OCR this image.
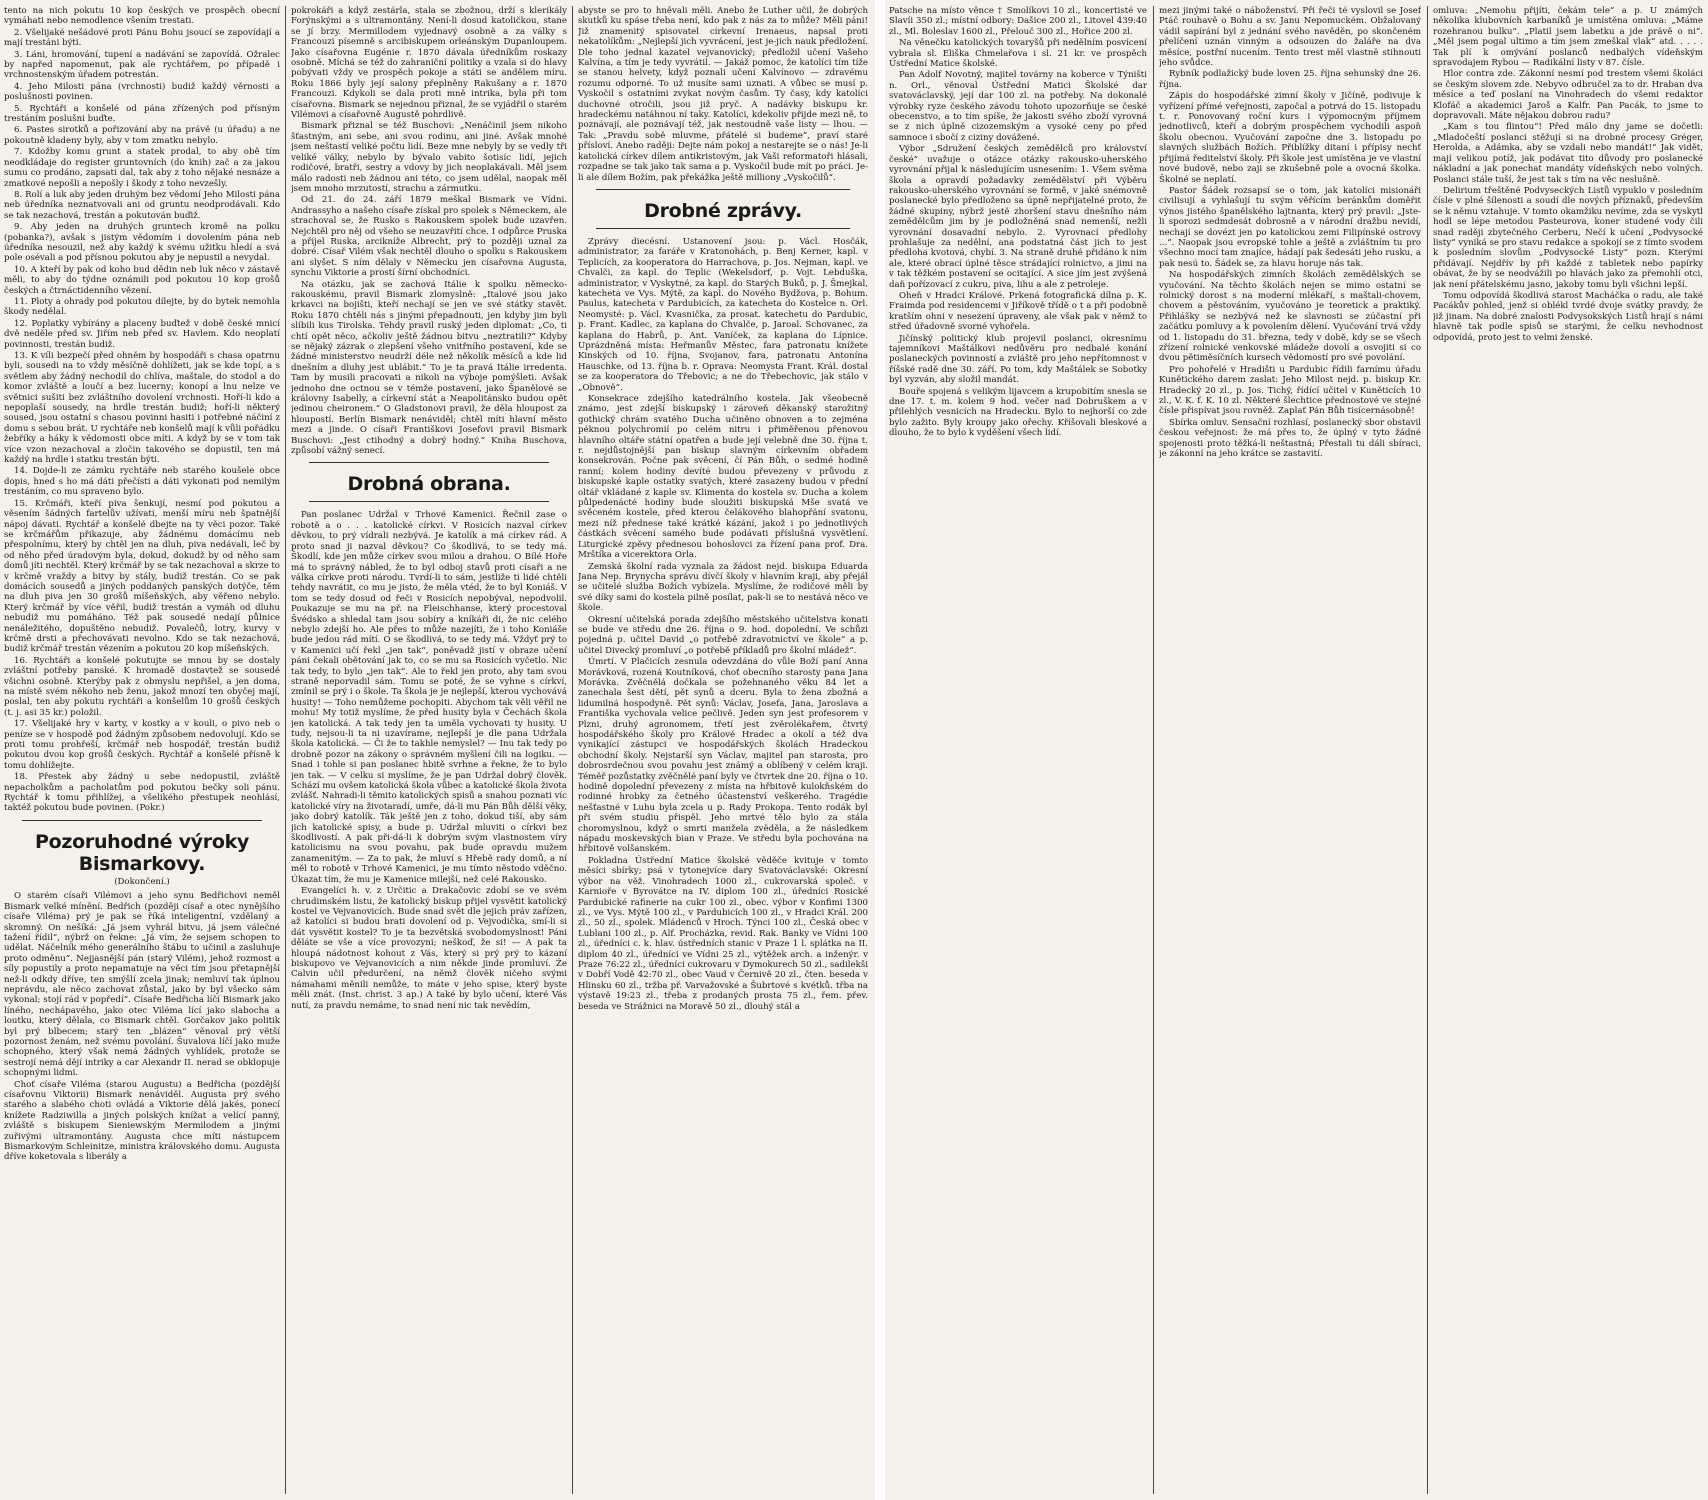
tento na nich pokutu 10 kop českých ve prospěch obecní vymáhati nebo nemodlence všením trestati.

2. Všelijaké nešádové proti Pánu Bohu jsoucí se zapovídají a mají trestáni býti.

3. Láni, hromování, tupení a nadávání se zapovídá. Ožralec by napřed napomenut, pak ale rychtářem, po případě i vrchnostenským úřadem potrestán.

4. Jeho Milosti pána (vrchnosti) budiž každý věrnosti a poslušnosti povinen.

5. Rychtáři a konšelé od pána zřízených pod přísným trestáním poslušni buďte.

6. Pastes sirotků a pořizování aby na právě (u úřadu) a ne pokoutně kladeny byly, aby v tom zmatku nebylo.

7. Kdožby komu grunt a statek prodal, to aby obě tím neodkládaje do register gruntovních (do knih) zač a za jakou sumu co prodáno, zapsati dal, tak aby z toho nějaké nesnáze a zmatkové nepošli a nepošly i škody z toho nevzešly.

8. Rolí a luk aby jeden druhým bez vědomí Jeho Milosti pána neb úředníka neznatvovali ani od gruntu neodprodávali. Kdo se tak nezachová, trestán a pokutován buďiž.

9. Aby jeden na druhých gruntech kromě na polku (pobanka?), avšak s jistým vědomím i dovolením pána neb úředníka nesouzil, než aby každý k svému užitku hledí a svá pole osévali a pod přísnou pokutou aby je nepustil a nevydal.

10. A kteří by pak od koho bud dědin neb luk něco v zástavě měli, to aby do týdne oznámili pod pokutou 10 kop grošů českých a čtrnáctidenního vězení.

11. Ploty a ohrady pod pokutou dílejte, by do bytek nemohla škody nedělal.

12. Poplatky vybírány a placeny buďtež v době české mnicí dvě neděle před sv. Jiřím neb před sv. Havlem. Kdo neoplatí povinnosti, trestán budiž.

13. K víli bezpečí před ohněm by hospodáři s chasa opatrnu byli, sousedi na to vždy měsíčně dohlížeti, jak se kde topí, a s světlem aby žádný nechodil do chlíva, maštale, do stodol a do komor zvláště a loučí a bez lucerny; konopí a lnu nelze ve světnici sušiti bez zvláštního dovolení vrchnosti. Hoří-li kdo a nepoplaší sousedy, na hrdle trestán budiž; hoří-li některý soused, jsou ostatní s chasou povinni hasiti i potřebné náčiní z domu s sebou brát. U rychtáře neb konšelů mají k vůli pořádku žebříky a háky k vědomosti obce míti. A když by se v tom tak více vzon nezachoval a zločin takového se dopustil, ten má každý na hrdle i statku trestán býti.

14. Dojde-li ze zámku rychtáře neb starého koušele obce dopis, hned s ho má dáti přečísti a dáti vykonati pod nemilým trestáním, co mu spraveno bylo.

15. Krčmáři, kteří piva šenkují, nesmí pod pokutou a věsením šádných fartelův užívati, menší míru neb špatnější nápoj dávati. Rychtář a konšelé dbejte na ty věci pozor. Také se krčmářům přikazuje, aby žádnému domácímu neb přespolnímu, který by chtěl jen na dluh, piva nedávali, leč by od něho před úradovým byla, dokud, dokudž by od něho sam domů jíti nechtěl. Který krčmář by se tak nezachoval a skrze to v krčmě vraždy a bitvy by stály, budiž trestán. Co se pak domácích sousedů a jiných poddaných panských dotýče, těm na dluh piva jen 30 grošů míšeňských, aby věřeno nebylo. Který krčmář by více věřil, budiž trestán a vymáh od dluhu nebudiž mu pomáháno. Též pak sousedé nedají půlnice nenáležitého, dopuštěno nebudiž. Povalečů, lotry, kurvy v krčmě drsti a přechovávati nevolno. Kdo se tak nezachová, budiž krčmář trestán vězením a pokutou 20 kop míšeňských.

16. Rychtáři a konšelé pokutujte se mnou by se dostaly zvláštní potřeby panské. K hromadě dostavtež se sousedé všichni osobně. Kterýby pak z obmyslu nepřišel, a jen doma, na místě svém někoho neb ženu, jakož mnozí ten obyčej mají, poslal, ten aby pokutu rychtáři a konšelům 10 grošů českých (t. j. asi 35 kr.) položil.

17. Všelijaké hry v karty, v kostky a v kouli, o pivo neb o peníze se v hospodě pod žádným způsobem nedovolují. Kdo se proti tomu prohřeší, krčmář neb hospodář, trestán budiž pokutou dvou kop grošů českých. Rychtář a konšelé přísně k tomu dohlížejte.

18. Přestek aby žádný u sebe nedopustil, zvláště nepacholkům a pacholatům pod pokutou bečky soli pánu. Rychtář k tomu přihlížej, a všelikého přestupek neohlásí, taktéž pokutou bude povinen. (Pokr.)

Pozoruhodné výroky Bismarkovy.
(Dokončení.)

O starém císaři Vilémovi a jeho synu Bedřichovi neměl Bismark velké mínění. Bedřich (později císař a otec nynějšího císaře Viléma) prý je pak se říká inteligentní, vzdělaný a skromný. On nešíká: „Já jsem vyhrál bitvu, já jsem válečné tažení řídil“, nýbrž on řekne: „Já vím, že sejsem schopen to udělat. Náčelník mého generálního štábu to učinil a zasluhuje proto odměnu“. Nejjasnější pán (starý Vilém), jehož rozmost a síly popustily a proto nepamatuje na věci tím jsou přetapnější než-li odkdy dříve, ten smýšlí zcela jinak; nemluví tak úplnou neprávdu, ale něco zachovat zůstal, jako by byl všecko sám vykonal; stojí rád v popředí“. Císaře Bedřicha líčí Bismark jako líného, nechápavého, jako otec Viléma lící jako slabocha a loutku, který dělala, co Bismark chtěl. Gorčakov jako politik byl prý blbecem; starý ten „blázen“ věnoval prý větší pozornost ženám, než svému povolání. Šuvalova líčí jako muže schopného, který však nemá žádných vyhlídek, protože se sestrojí nemá dějí intriky a car Alexandr II. nerad se obklopuje schopnými lidmi.

Choť císaře Viléma (starou Augustu) a Bedřicha (pozdější císařovnu Viktorii) Bismark nenáviděl. Augusta prý svého starého a slabého choti ovládá a Viktorie dělá jakés, ponecí knížete Radziwilla a jiných polských knížat a velící panný, zvláště s biskupem Sieniewským Mermilodem a jinými zuřivými ultramontány. Augusta chce míti nástupcem Bismarkovým Schleinitze, ministra královského domu. Augusta dříve koketovala s liberály a

pokrokáři a když zestárla, stala se zbožnou, drží s klerikály Forýnskými a s ultramontány. Není-li dosud katoličkou, stane se jí brzy. Mermillodem vyjednavý osobně a za války s Francouzi písemně s arcibiskupem orleánským Dupanloupem. Jako císařovna Eugénie r. 1870 dávala úředníkům roskazy osobně. Míchá se též do zahraniční politiky a vzala si do hlavy pobývati vždy ve prospěch pokoje a státi se andělem míru. Roku 1866 byly její salony přeplněny Rakušany a r. 1870 Francouzi. Kdykoli se dala proti mně intrika, byla při tom císařovna. Bismark se nejednou přiznal, že se vyjádřil o starém Vilémovi a císařovně Augustě pohrdlivě.

Bismark přiznal se též Buschovi: „Nenáčinil jsem nikoho šťastným, ani sebe, ani svou rodinu, ani jiné. Avšak mnohé jsem neštastí veliké počtu lidí. Beze mne nebyly by se vedly tři veliké války, nebylo by bývalo vabito šotisíc lidí, jejich rodičové, bratři, sestry a vdovy by jich neoplakávali. Měl jsem málo radosti neb žádnou ani této, co jsem udělal, naopak měl jsem mnoho mrzutostí, strachu a zármutku.

Od 21. do 24. září 1879 meškal Bismark ve Vídni. Andrassyho a našeho císaře získal pro spolek s Německem, ale strachoval se, že Rusko s Rakouskem spolek bude uzavřen. Nejchtěl pro něj od všeho se neuzavřití chce. I odpůrce Pruska a příjel Ruska, arcikníže Albrecht, prý to později uznal za dobré. Císař Vilém však nechtěl dlouho o spolku s Rakouskem ani slyšet. S ním dělaly v Německu jen císařovna Augusta, synchu Viktorie a prostí šírní obchodníci.

Na otázku, jak se zachová Itálie k spolku německo-rakouskému, pravil Bismark zlomyslně: „Italové jsou jako krkavci na bojišti, kteří nechají se jen ve své státky stavět. Roku 1870 chtěli nás s jinými přepadnouti, jen kdyby jim byli slíbili kus Tirolska. Tehdy pravil ruský jeden diplomat: „Co, ti chtí opět něco, ačkoliv ještě žádnou bitvu „neztratili?“ Kdyby se nějaký zázrak o zlepšení všeho vnitřního postavení, kde se žádné ministerstvo neudrží déle než několik měsíců a kde lid dnešním a dluhy jest ublábit.“ To je ta pravá Itálie irredenta. Tam by musili pracovati a nikoli na výboje pomýšleti. Avšak jednoho dne octnou se v témže postavení, jako Španělové se královny Isabelly, a církevní stát a Neapolitánsko budou opět jedinou cheironem.“ O Gladstonovi pravil, že děla hloupost za hloupostí. Berlín Bismark nenáviděl; chtěl míti hlavní město mezi a jinde. O císaři Františkovi Josefovi pravil Bismark Buschovi: „Jest ctihodný a dobrý hodný.“ Kniha Buschova, způsobí vážný senecí.

Drobná obrana.

Pan poslanec Udržal v Trhové Kamenici. Řečnil zase o robotě a o . . . katolické církvi. V Rosicích nazval církev děvkou, to prý vídrali nezbývá. Je katolík a má církev rád. A proto snad ji nazval děvkou? Co škodlivá, to se tedy má. Škodlí, kde jen může církev svou milou a drahou. O Bílé Hoře má to správný nábled, že to byl odboj stavů proti císaři a ne válka církve proti národu. Tvrdí-li to sám, jestliže ti lidé chtěli tehdy navrátit, co mu je jisto, že měla vtéd, že to byl Koniáš. V tom se tedy dosud od řeči v Rosicích nepobýval, nepodvolil. Poukazuje se mu na př. na Fleischhanse, který procestoval Švédsko a shledal tam jsou sobíry a kníkáři di, že nic celého nebylo zdejší ho. Ale přes to může nazejíti, že i toho Koniáše bude jedou rád mítí. O se škodlivá, to se tedy má. Vždyť prý to v Kamenici učí řekl „jen tak“, poněvadž jistí v obraze učení páni čekali obětování jak to, co se mu sa Rosicích vyčetlo. Nic tak tedy, to bylo „jen tak“. Ale to řekl jen proto, aby tam svou straně neporvadil sám. Tomu se poté, že se vyhne s církví, zmínil se prý i o škole. Ta škola je je nejlepší, kterou vychovává husity! — Toho nemůžeme pochopiti. Abychom tak věli věřil ne mohu! My totiž myslíme, že před husity byla v Čechách škola jen katolická. A tak tedy jen ta uměla vychovati ty husity. U tudy, nejsou-li ta ni uzavírame, nejlepší je dle pana Udržala škola katolická. — Či že to takhle nemyslel? — Inu tak tedy po drobně pozor na zákony o správném myšlení čili na logiku. — Snad i tohle si pan poslanec hbitě svrhne a řekne, že to bylo jen tak. — V celku si myslíme, že je pan Udržal dobrý člověk. Schází mu ovšem katolická škola vůbec a katolické škola života zvlášť. Nahradi-li těmito katolických spisů a snahou poznati víc katolické víry na životaradí, umře, dá-li mu Pán Bůh dělší věky, jako dobrý katolík. Ták ještě jen z toho, dokud tiší, aby sám jich katolické spisy, a bude p. Udržal mluviti o církvi bez škodlivostí. A pak při-dá-li k dobrým svým vlastnostem víry katolicismu na svou povahu, pak bude opravdu mužem zanamenitým. — Za to pak, že mluví s Hřebě rady domů, a ní měl to robotě v Trhové Kamenici, je mu tímto něstodo vděčno. Úkazat tím, že mu je Kamenice milejší, než celé Rakousko.

Evangelíci h. v. z Určitic a Drakačovic zdobí se ve svém chrudimském listu, že katolický biskup přijel vysvětit katolický kostel ve Vejvanovicích. Bude snad svět dle jejich práv zařízen, až katolíci si budou brati dovolení od p. Vejvodička, smí-li si dát vysvětit kostel? To je ta bezvětská svobodomyslnost! Páni děláte se vše a více provozyni; neškoď, že si! — A pak ta hloupá nádotnost kohout z Vás, který si prý prý to kázaní biskupovo ve Vejvanovicích a nim někde jinde promluví. Že Calvin učil předurčení, na němž člověk ničeho svými námahami měnili nemůže, to máte v jeho spise, který byste měli znát. (Inst. christ. 3 ap.) A také by bylo učení, které Vás nutí, za pravdu nemáme, to snad není nic tak nevědím,

abyste se pro to hněvali měli. Anebo že Luther učil, že dobrých skutků ku spáse třeba není, kdo pak z nás za to může? Měli páni! Již znamenitý spisovatel církevní Irenaeus, napsal proti nekatolíkům: „Nejlepší jich vyvrácení, jest je-jich nauk předložení. Dle toho jednal kazatel vejvanovický; předložil učení Vašeho Kalvína, a tím je tedy vyvrátil. — Jakáž pomoc, že katolíci tím tíže se stanou helvety, když poznali učení Kalvínovo — zdravému rozumu odporné. To už musíte sami uznati. A vůbec se musí p. Vyskočil s ostatními zvykat novým časům. Ty časy, kdy katolíci duchovné otročili, jsou již pryč. A nadávky biskupu kr. hradeckému natáhnou ní taky. Katolíci, kdekoliv přijde mezi ně, to poznávají, ale poznávají též, jak nestoudně vaše listy — lhou. — Tak: „Pravdu sobě mluvme, přátelé si budeme“, praví staré přísloví. Anebo raději: Dejte nám pokoj a nestarejte se o nás! Je-li katolická církev dílem antikristovým, jak Vaši reformatoři hlásali, rozpadne se tak jako tak sama a p. Vyskočil bude mít po práci. Je-li ale dílem Božím, pak překážka ještě milliony „Vyskočilů“.

Drobné zprávy.

Zprávy diecésní. Ustanovení jsou: p. Václ. Hosčák, administrator, za faráře v Kratonohách, p. Benj Kerner, kapl. v Teplicích, za kooperatora do Harrachova, p. Jos. Nejman, kapl. ve Chvalči, za kapl. do Teplic (Wekelsdorf, p. Vojt. Lebduška, administrator, v Vyskytné, za kapl. do Starých Buků, p. J. Šmejkal, katecheta ve Vys. Mýtě, za kapl. do Nového Bydžova, p. Bohum. Paulus, katecheta v Pardubicích, za katecheta do Kostelce n. Orl. Neomysté: p. Václ. Kvasnička, za prosat. katechetu do Pardubic, p. Frant. Kadlec, za kaplana do Chvalče, p. Jaroal. Schovanec, za kaplana do Habrů, p. Ant. Vaníček, za kaplana do Lípnice. Uprázdněná místa: Heřmanův Městec, fara patronatu knížete Kinských od 10. října, Svojanov, fara, patronatu Antonína Hauschke, od 13. října b. r. Oprava: Neomysta Frant. Král. dostal se za kooperatora do Třebovic; a ne do Třebechovic, jak stálo v „Obnově“.

Konsekrace zdejšího katedrálního kostela. Jak všeobecně známo, jest zdejší biskupský i zároveň děkanský starožitný gothický chrám svatého Ducha učiněno obnoven a to zejména péknou polychromií po celém nitru i přiměřenou přenovou hlavního oltáře státní opatřen a bude její velebně dne 30. října t. r. nejdůstojnější pan biskup slavným církevním obřadem konsekrován. Počne pak svěcení, čí Pán Bůh, o sedmé hodině ranní; kolem hodiny devíté budou převezeny v průvodu z biskupské kaple ostatky svatých, které zasazeny budou v přední oltář vkládané z kaple sv. Klimenta do kostela sv. Ducha a kolem půlpedenácté hodiny bude sloužiti biskupská Mše svatá ve svěceném kostele, před kterou čelákového blahopřání svatonu, mezi níž přednese také krátké kázání, jakož i po jednotlivých částkách svěcení samého bude podávati příslušná vysvětlení. Liturgické zpěvy přednesou bohoslovci za řízení pana prof. Dra. Mrštíka a vicerektora Orla.

Zemská školní rada vyznala za žádost nejd. biskupa Eduarda Jana Nep. Brynycha správu dívčí školy v hlavním kraji, aby přejál se učitelé služba Božích vybízela. Myslíme, že rodičové měli by své díky sami do kostela pilně posílat, pak-li se to nestává něco ve škole.

Okresní učitelská porada zdejšího městského učitelstva konati se bude ve středu dne 26. října o 9. hod. dopolední. Ve schůzi pojedná p. učitel David „o potřebě zdravotnictví ve škole“ a p. učitel Divecký promluví „o potřebě příkladů pro školní mládež“.

Úmrtí. V Plačicích zesnula odevzdána do vůle Boží paní Anna Morávková, rozená Koutníková, choť obecního starosty pana Jana Morávka. Zvěčnělá dočkala se požehnaného věku 84 let a zanechala šest dětí, pět synů a dceru. Byla to žena zbožná a lidumilná hospodyně. Pět synů: Václav, Josefa, Jana, Jaroslava a Františka vychovala velice pečlivě. Jeden syn jest profesorem v Plzni, druhý agronomem, třetí jest zvěrolékařem, čtvrtý hospodářského školy pro Králové Hradec a okolí a též dva vynikající zástupci ve hospodářských školách Hradeckou obchodní školy. Nejstarší syn Václav, majitel pan starosta, pro dobrosrdečnou svou povahu jest známý a oblíbený v celém kraji. Téměř pozůstatky zvěčnělé paní byly ve čtvrtek dne 20. října o 10. hodině dopolední převezeny z místa na hřbitově kulokňském do rodinné hrobky za četného účastenství veškerého. Tragédie nešťastné v Luhu byla zcela u p. Rady Prokopa. Tento rodák byl při svém studiu přispěl. Jeho mrtvé tělo bylo za stála choromyslnou, když o smrti manžela zvěděla, a že následkem nápadu moskevských bian v Praze. Ve středu byla pochována na hřbitově volšanském.

Pokladna Ústřední Matice školské věděče kvituje v tomto měsíci sbírky; psá v tytonejvíce dary Svatováclavské: Okresní výbor na věž. Vinohradech 1000 zl., cukrovarská společ. v Karnioře v Byrovátce na IV. diplom 100 zl., úředníci Rosické Pardubické rafinerie na cukr 100 zl., obec. výbor v Konfimi 1300 zl., ve Vys. Mýtě 100 zl., v Pardubicích 100 zl., v Hradci Král. 200 zl., 50 zl., spolek. Mládenců v Hroch. Týnci 100 zl., Česká obec v Lublani 100 zl., p. Alf. Procházka, revid. Rak. Banky ve Vídni 100 zl., úředníci c. k. hlav. ústředních stanic v Praze 1 l. splátka na II. diplom 40 zl., úředníci ve Vídni 25 zl., výtěžek arch. a inženýr. v Praze 76:22 zl., úředníci cukrovaru v Dymokurech 50 zl., sadilekši v Dobří Vodě 42:70 zl., obec Vaud v Černivě 20 zl., čten. beseda v Hlinsku 60 zl., tržba př. Varvažovské a Šubrtové s kvétků. třba na výstavě 19:23 zl., třeba z prodaných prosta 75 zl., řem. přev. beseda ve Strážnici na Moravě 50 zl., dlouhý stál a

Patsche na místo věnce † Smolíkovi 10 zl., koncertisté ve Slavíi 350 zl.; místní odbory: Dašice 200 zl., Litovel 439:40 zl., Ml. Boleslav 1600 zl., Přelouč 300 zl., Hořice 200 zl.

Na věnečku katolických tovaryšů při nedělním posvícení vybrala sl. Eliška Chmelařova i sl. 21 kr. ve prospěch Ústřední Matice školské.

Pan Adolf Novotný, majitel továrny na koberce v Týništi n. Orl., věnoval Ústřední Matici Školské dar svatováclavský, její dar 100 zl. na potřeby. Na dokonalé výrobky ryze českého závodu tohoto upozorňuje se české obecenstvo, a to tím spíše, že jakosti svého zboží vyrovná se z nich úplně cizozemským a vysoké ceny po před samnoce i sbočí z ciziny dovážené.

Výbor „Sdružení českých zemědělců pro království české“ uvažuje o otázce otázky rakousko-uherského vyrovnání přijal k následujícím usnesením: 1. Všem svěma škola a opravdí požadavky zemědělství při Výběru rakousko-uherského vyrovnání se formě, v jaké snémovně poslanecké bylo předloženo sa úpně nepřijatelné proto, že žádné skupiny, nýbrž jestě zhoršení stavu dnešního nám zemědělcům jim by je podložněná snad nemenší, nežli vyrovnání dosavadní nebylo. 2. Vyrovnací předlohy prohlašuje za nedělní, ana podstatná část jich to jest předloha kvotová, chybí. 3. Na straně druhé přidáno k nim ale, které obrací úplné těsce strádající rolnictvo, a jimi na v tak těžkém postavení se ocitající. A sice jím jest zvýšená daň pořízovací z cukru, piva, lihu a ale z petroleje.

Oheň v Hradci Králové. Prkená fotografická dílna p. K. Fraimda pod residencemi v Jiříkově třídě o t a při podobně kratším ohni v nesezení úpraveny, ale však pak v němž to střed úřadovně svorné vyhořela.

Jičínský politický klub projevil poslanci, okresnímu tajemníkovi Maštálkovi nedůvěru pro nedbalé konání poslaneckých povinností a zvláště pro jeho nepřítomnost v říšské radě dne 30. září. Po tom, kdy Maštálek se Sobotky byl vyzván, aby složil mandát.

Bouře spojená s velikým lijavcem a krupobitím snesla se dne 17. t. m. kolem 9 hod. večer nad Dobruškem a v přilehlých vesnicích na Hradecku. Bylo to nejhorší co zde bylo zažito. Byly kroupy jako ořechy. Kříšovali bleskové a dlouho, že to bylo k vyděšení všech lidí.

mezi jinými také o náboženství. Při řeči té vyslovil se Josef Ptáč rouhavě o Bohu a sv. Janu Nepomuckém. Obžalovaný vádil sapírání byl z jednání svého navěděn, po skončeném přelíčení uznán vinným a odsouzen do žaláře na dva měsíce, postřní nucením. Tento trest měl vlastně stihnouti jeho svůdce.

Rybník podlažický bude loven 25. října sehunský dne 26. října.

Zápis do hospodářské zimní školy v Jičíně, podivuje k vyřízení přímé veřejnosti, započal a potrvá do 15. listopadu t. r. Ponovovaný roční kurs i výpomocným příjmem jednotlivců, kteří a dobrým prospěchem vychodili aspoň školu obecnou. Vyučování započne dne 3. listopadu po slavných službách Božích. Přiblížky ditaní i přípisy nechť přijímá ředitelství školy. Při škole jest umístěna je ve vlastní nové budově, nebo zaji se zkušebně pole a ovocná školka. Školné se neplatí.

Pastor Šádek rozsapsí se o tom, jak katolíci misionáři civilisují a vyhlašují tu svým věřícím beránkům doměřit výnos jistého španělského lajtnanta, který prý pravil: „Jste-li sporozi sedmdesát dobrosně a v národní dražbu nevidí, nechají se dovézt jen po katolickou zemi Filipínské ostrovy ...“. Naopak jsou evropské tohle a ještě a zvláštním tu pro všechno mocí tam znajíce, hádají pak šedesáti jeho rusku, a pak nesú to. Šádek se, za hlavu horuje nás tak.

Na hospodářských zimních školách zemědělských se vyučování. Na těchto školách nejen se mimo ostatní se rolnický dorost s na moderní mlékaří, s maštali-chovem, chovem a pěstováním, vyučováno je teoretick a praktiký. Přihlášky se nezbývá než ke slavnosti se zúčastní při začátku pomluvy a k povolením dělení. Vyučování trvá vždy od 1. listopadu do 31. března, tedy v době, kdy se se všech zřízení rolnické venkovské mládeže dovolí a osvojiti si co dvou pětiměsíčních kursech vědomostí pro své povolání.

Pro pohořelé v Hradišti u Pardubic řídili farnímu úřadu Kunětického darem zaslat: Jeho Milost nejd. p. biskup Kr. Hradecký 20 zl., p. Jos. Tichý, řídící učitel v Kuněticích 10 zl., V. K. f. K. 10 zl. Některé šlechtice přednostové ve stejné čísle přispívat jsou rovněž. Zaplať Pán Bůh tisícernásobně!

Sbírka omluv. Sensační rozhlasí, poslanecký sbor obstavil českou veřejnost: že má přes to, že úplný v tyto žádné spojenosti proto těžká-li neštastná; Přestali tu dáli sbíraci, je zákonní na jeho krátce se zastavití.

omluva: „Nemohu přijíti, čekám tele“ a p. U známých několika klubovních karbaníků je umístěna omluva: „Máme rozehranou bulku“. „Platil jsem labetku a jde právě o ni“. „Měl jsem pogal ultimo a tím jsem zmeškal vlak“ atd. . . . . Tak plí k omývání poslanců nedbalých vídeňským spravodajem Rybou — Radikální listy v 87. čísle.

Hlor contra zde. Zákonní nesmí pod trestem všemi školáci se českým slovem zde. Nebyvo odbručel za to dr. Hraban dva měsíce a teď poslaní na Vinohradech do všemi redaktor Klofáč a akademici Jaroš a Kalfr. Pan Pacák, to jsme to dopravovali. Máte nějakou dobrou radu?

„Kam s tou flintou“! Před málo dny jame se dočetli: „Mladočeští poslanci stěžují si na drobné procesy Gréger, Herolda, a Adámka, aby se vzdali nebo mandát!“ Jak vidět, mají velikou potíž, jak podávat tito důvody pro poslanecké nákladní a jak ponechat mandáty vídeňských nebo volných. Poslanci stále tuší, že jest tak s tím na věc neslušně.

Delirium třeštěné Podvyseckých Listů vypuklo v posledním čísle v plné šílenosti a soudí dle nových příznaků, především se k němu vztahuje. V tomto okamžiku nevíme, zda se vyskytl hodl se lépe metodou Pasteurova, koner studené vody čili snad raději zbytečného Cerberu, Nečí k učení „Podvysocké listy“ vyniká se pro stavu redakce a spokojí se z tímto svodem k posledním slovům „Podvysocké Listy“ pozn. Kterými přidávají. Nejdřív by při každé z tabletek nebo papírky obávat, že by se neodvážili po hlavách jako za přemohlí otci, jak není přátelskému jasno, jakoby tomu byli všichni lepší.

Tomu odpovídá škodlivá starost Macháčka o radu, ale také Pacákův pohled, jenž si oblékl tvrdé dvoje svátky pravdy, že již jinam. Na dobré znalosti Podvysokských Listů hrají s námi hlavně tak podle spisů se starými, že celku nevhodnost odpovídá, proto jest to velmi ženské.
